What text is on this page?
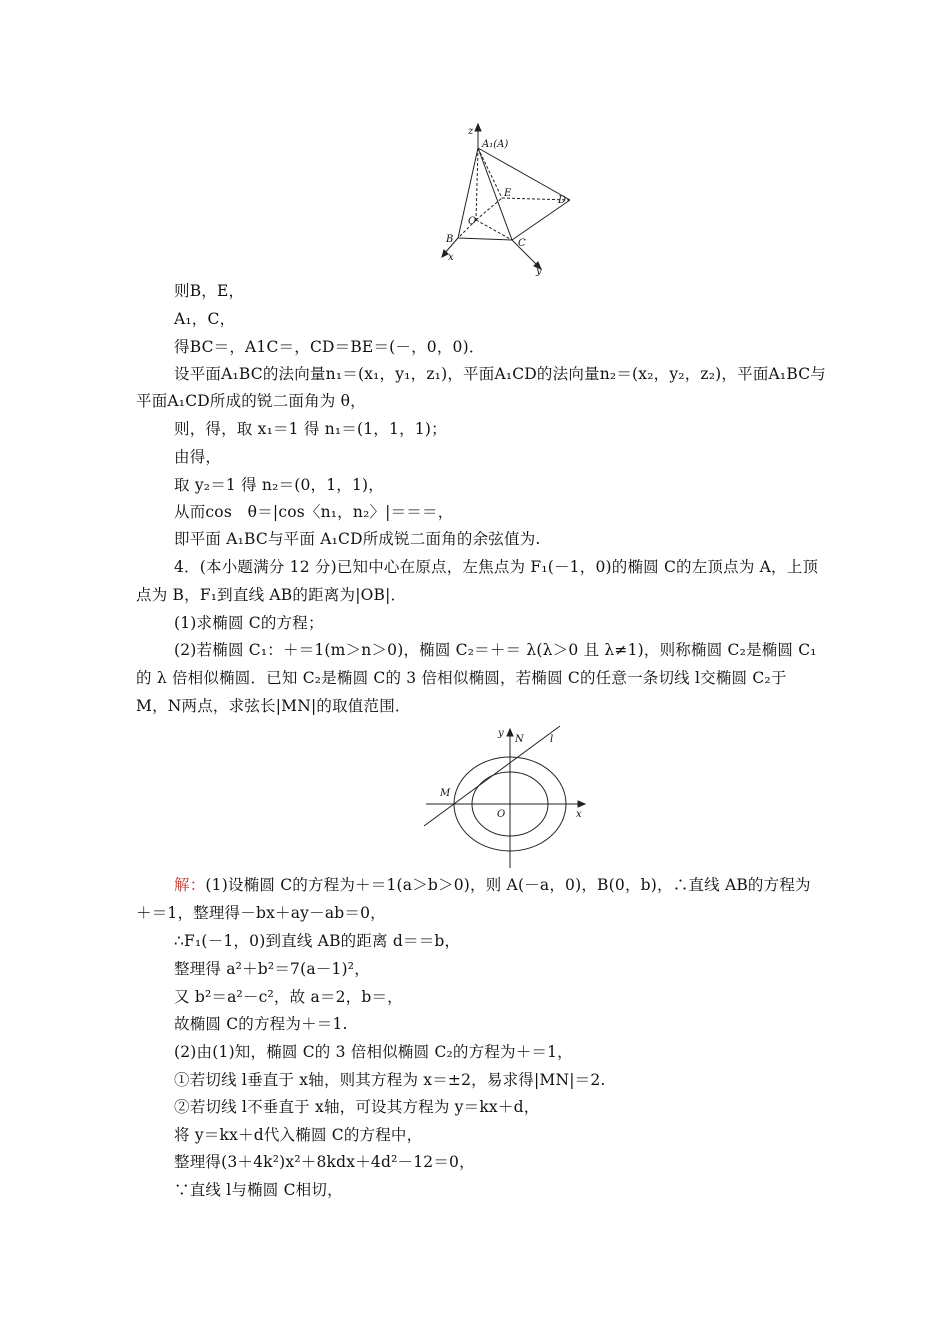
z
A₁(A)
E
D
O
B	C
x
y
则B，E，
A₁，C，
得BC＝，A1C＝，CD＝BE＝(－，0，0)．
设平面A₁BC的法向量n₁＝(x₁，y₁，z₁)，平面A₁CD的法向量n₂＝(x₂，y₂，z₂)，平面A₁BC与
平面A₁CD所成的锐二面角为 θ，
则，得，取 x₁＝1 得 n₁＝(1，1，1)；
由得，
取 y₂＝1 得 n₂＝(0，1，1)，
从而cos　θ＝|cos〈n₁，n₂〉|＝＝＝，
即平面 A₁BC与平面 A₁CD所成锐二面角的余弦值为.
4．(本小题满分 12 分)已知中心在原点，左焦点为 F₁(－1，0)的椭圆 C的左顶点为 A，上顶
点为 B，F₁到直线 AB的距离为|OB|．
(1)求椭圆 C的方程；
(2)若椭圆 C₁：＋＝1(m＞n＞0)，椭圆 C₂＝＋＝ λ(λ＞0 且 λ≠1)，则称椭圆 C₂是椭圆 C₁
的 λ 倍相似椭圆．已知 C₂是椭圆 C的 3 倍相似椭圆，若椭圆 C的任意一条切线 l交椭圆 C₂于
M，N两点，求弦长|MN|的取值范围．
y
N	l
M
O	x
解：(1)设椭圆 C的方程为＋＝1(a＞b＞0)，则 A(－a，0)，B(0，b)，∴直线 AB的方程为
＋＝1，整理得－bx＋ay－ab＝0，
∴F₁(－1，0)到直线 AB的距离 d＝＝b，
整理得 a²＋b²＝7(a－1)²，
又 b²＝a²－c²，故 a＝2，b＝，
故椭圆 C的方程为＋＝1.
(2)由(1)知，椭圆 C的 3 倍相似椭圆 C₂的方程为＋＝1，
①若切线 l垂直于 x轴，则其方程为 x＝±2，易求得|MN|＝2.
②若切线 l不垂直于 x轴，可设其方程为 y＝kx＋d，
将 y＝kx＋d代入椭圆 C的方程中，
整理得(3＋4k²)x²＋8kdx＋4d²－12＝0，
∵直线 l与椭圆 C相切，
